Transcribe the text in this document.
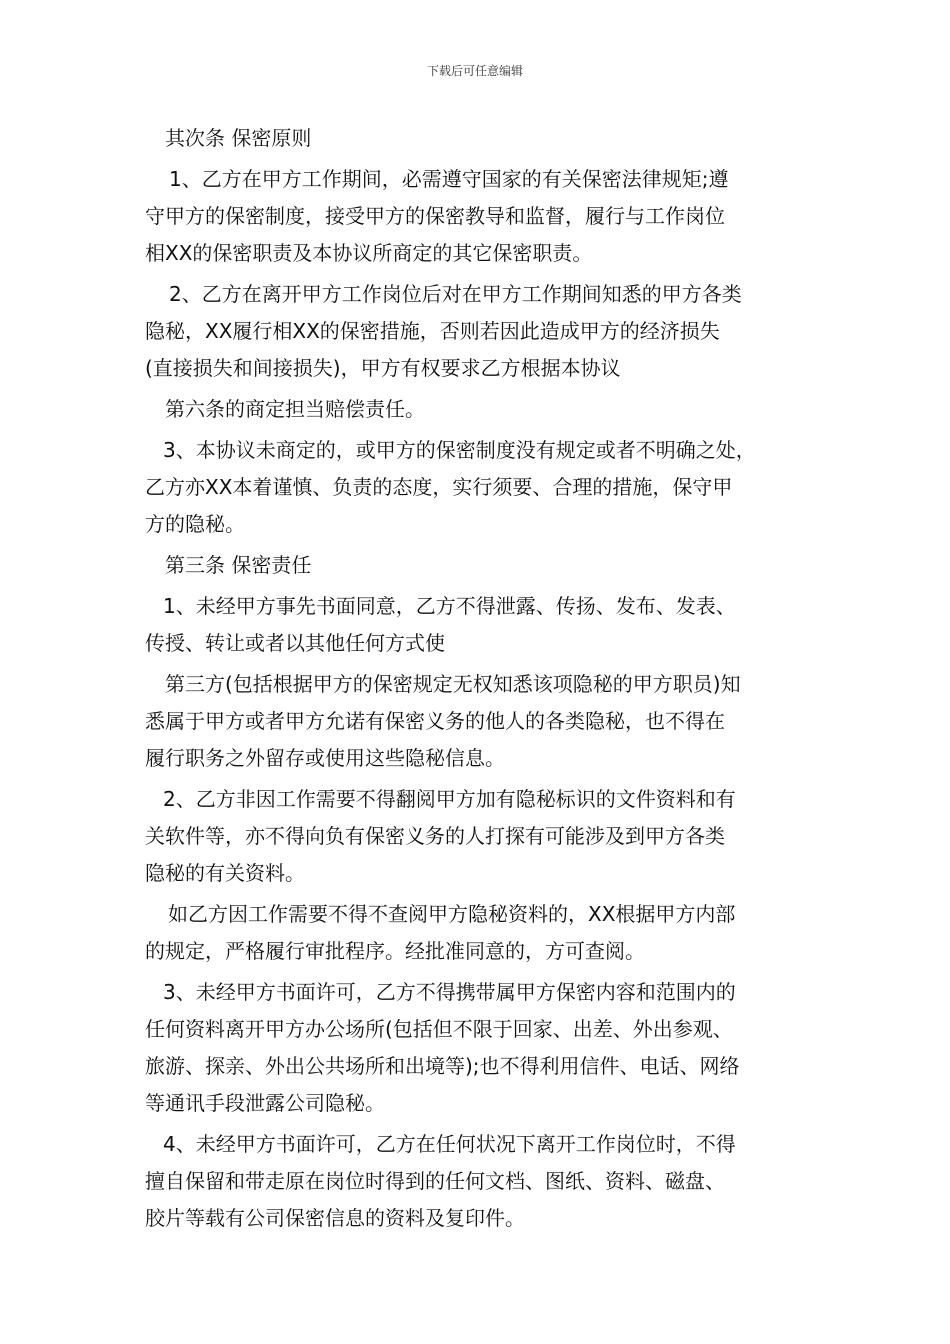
下载后可任意编辑
其次条 保密原则
1、乙方在甲方工作期间，必需遵守国家的有关保密法律规矩;遵
守甲方的保密制度，接受甲方的保密教导和监督，履行与工作岗位
相XX的保密职责及本协议所商定的其它保密职责。
2、乙方在离开甲方工作岗位后对在甲方工作期间知悉的甲方各类
隐秘，XX履行相XX的保密措施，否则若因此造成甲方的经济损失
(直接损失和间接损失)，甲方有权要求乙方根据本协议
第六条的商定担当赔偿责任。
3、本协议未商定的，或甲方的保密制度没有规定或者不明确之处，
乙方亦XX本着谨慎、负责的态度，实行须要、合理的措施，保守甲
方的隐秘。
第三条 保密责任
1、未经甲方事先书面同意，乙方不得泄露、传扬、发布、发表、
传授、转让或者以其他任何方式使
第三方(包括根据甲方的保密规定无权知悉该项隐秘的甲方职员)知
悉属于甲方或者甲方允诺有保密义务的他人的各类隐秘，也不得在
履行职务之外留存或使用这些隐秘信息。
2、乙方非因工作需要不得翻阅甲方加有隐秘标识的文件资料和有
关软件等，亦不得向负有保密义务的人打探有可能涉及到甲方各类
隐秘的有关资料。
如乙方因工作需要不得不查阅甲方隐秘资料的，XX根据甲方内部
的规定，严格履行审批程序。经批准同意的，方可查阅。
3、未经甲方书面许可，乙方不得携带属甲方保密内容和范围内的
任何资料离开甲方办公场所(包括但不限于回家、出差、外出参观、
旅游、探亲、外出公共场所和出境等);也不得利用信件、电话、网络
等通讯手段泄露公司隐秘。
4、未经甲方书面许可，乙方在任何状况下离开工作岗位时，不得
擅自保留和带走原在岗位时得到的任何文档、图纸、资料、磁盘、
胶片等载有公司保密信息的资料及复印件。
